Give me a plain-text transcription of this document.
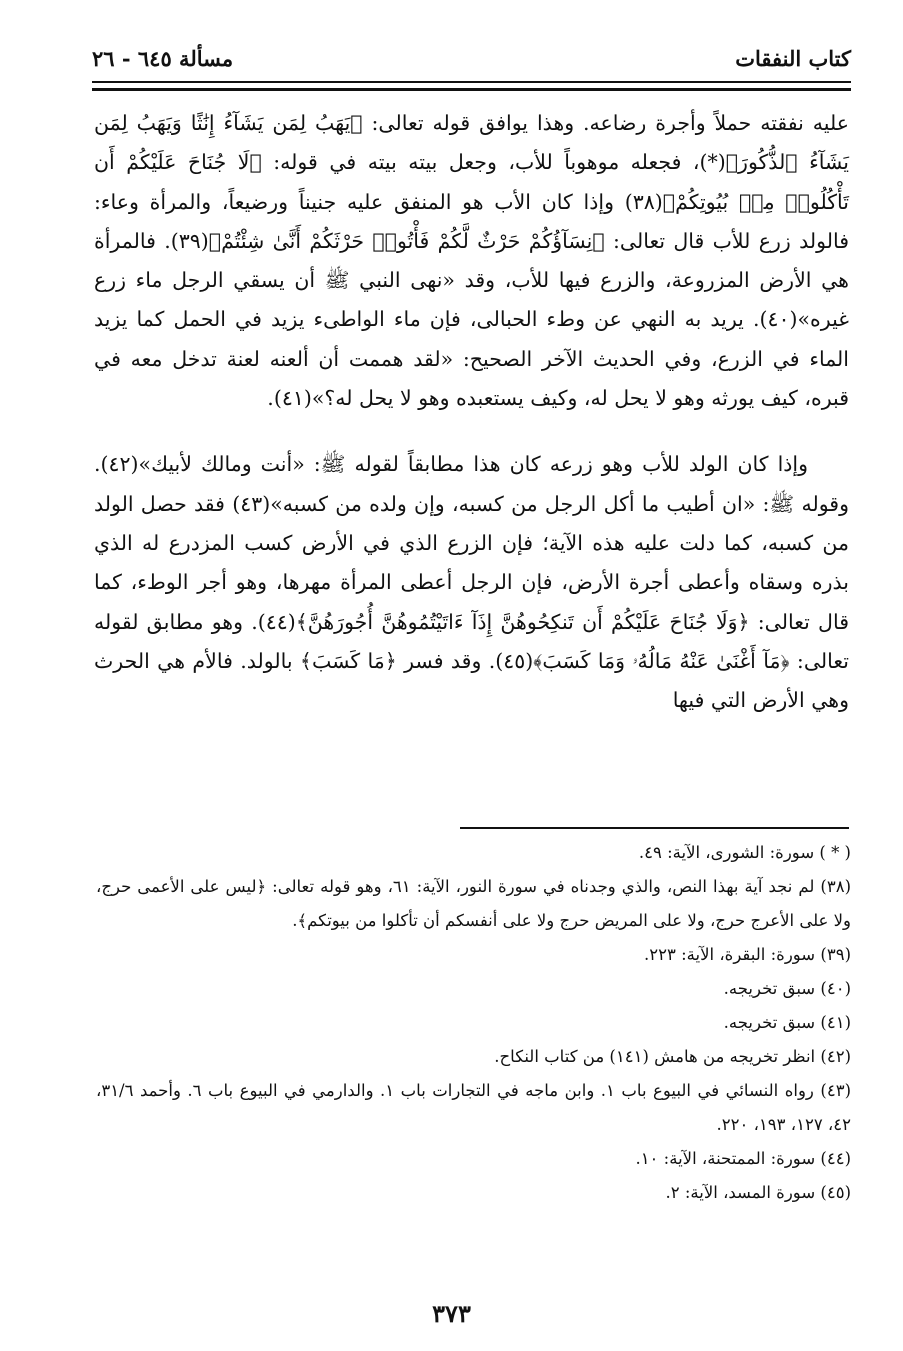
كتاب النفقات
مسألة ٦٤٥ - ٢٦

عليه نفقته حملاً وأجرة رضاعه. وهذا يوافق قوله تعالى: ﴿يَهَبُ لِمَن يَشَآءُ إِنَٰثًا وَيَهَبُ لِمَن يَشَآءُ ٱلذُّكُورَ﴾(*)، فجعله موهوباً للأب، وجعل بيته بيته في قوله: ﴿لَا جُنَاحَ عَلَيْكُمْ أَن تَأْكُلُوا۟ مِنۢ بُيُوتِكُمْ﴾(٣٨) وإذا كان الأب هو المنفق عليه جنيناً ورضيعاً، والمرأة وعاء: فالولد زرع للأب قال تعالى: ﴿نِسَآؤُكُمْ حَرْثٌ لَّكُمْ فَأْتُوا۟ حَرْثَكُمْ أَنَّىٰ شِئْتُمْ﴾(٣٩). فالمرأة هي الأرض المزروعة، والزرع فيها للأب، وقد «نهى النبي ﷺ أن يسقي الرجل ماء زرع غيره»(٤٠). يريد به النهي عن وطء الحبالى، فإن ماء الواطىء يزيد في الحمل كما يزيد الماء في الزرع، وفي الحديث الآخر الصحيح: «لقد هممت أن ألعنه لعنة تدخل معه في قبره، كيف يورثه وهو لا يحل له، وكيف يستعبده وهو لا يحل له؟»(٤١).

وإذا كان الولد للأب وهو زرعه كان هذا مطابقاً لقوله ﷺ: «أنت ومالك لأبيك»(٤٢). وقوله ﷺ: «ان أطيب ما أكل الرجل من كسبه، وإن ولده من كسبه»(٤٣) فقد حصل الولد من كسبه، كما دلت عليه هذه الآية؛ فإن الزرع الذي في الأرض كسب المزدرع له الذي بذره وسقاه وأعطى أجرة الأرض، فإن الرجل أعطى المرأة مهرها، وهو أجر الوطء، كما قال تعالى: ﴿وَلَا جُنَاحَ عَلَيْكُمْ أَن تَنكِحُوهُنَّ إِذَآ ءَاتَيْتُمُوهُنَّ أُجُورَهُنَّ﴾(٤٤). وهو مطابق لقوله تعالى: ﴿مَآ أَغْنَىٰ عَنْهُ مَالُهُۥ وَمَا كَسَبَ﴾(٤٥). وقد فسر ﴿مَا كَسَبَ﴾ بالولد. فالأم هي الحرث وهي الأرض التي فيها

( * ) سورة: الشورى، الآية: ٤٩.

(٣٨) لم نجد آية بهذا النص، والذي وجدناه في سورة النور، الآية: ٦١، وهو قوله تعالى: ﴿ليس على الأعمى حرج، ولا على الأعرج حرج، ولا على المريض حرج ولا على أنفسكم أن تأكلوا من بيوتكم﴾.

(٣٩) سورة: البقرة، الآية: ٢٢٣.

(٤٠) سبق تخريجه.

(٤١) سبق تخريجه.

(٤٢) انظر تخريجه من هامش (١٤١) من كتاب النكاح.

(٤٣) رواه النسائي في البيوع باب ١. وابن ماجه في التجارات باب ١. والدارمي في البيوع باب ٦. وأحمد ٣١/٦، ٤٢، ١٢٧، ١٩٣، ٢٢٠.

(٤٤) سورة: الممتحنة، الآية: ١٠.

(٤٥) سورة المسد، الآية: ٢.

٣٧٣
